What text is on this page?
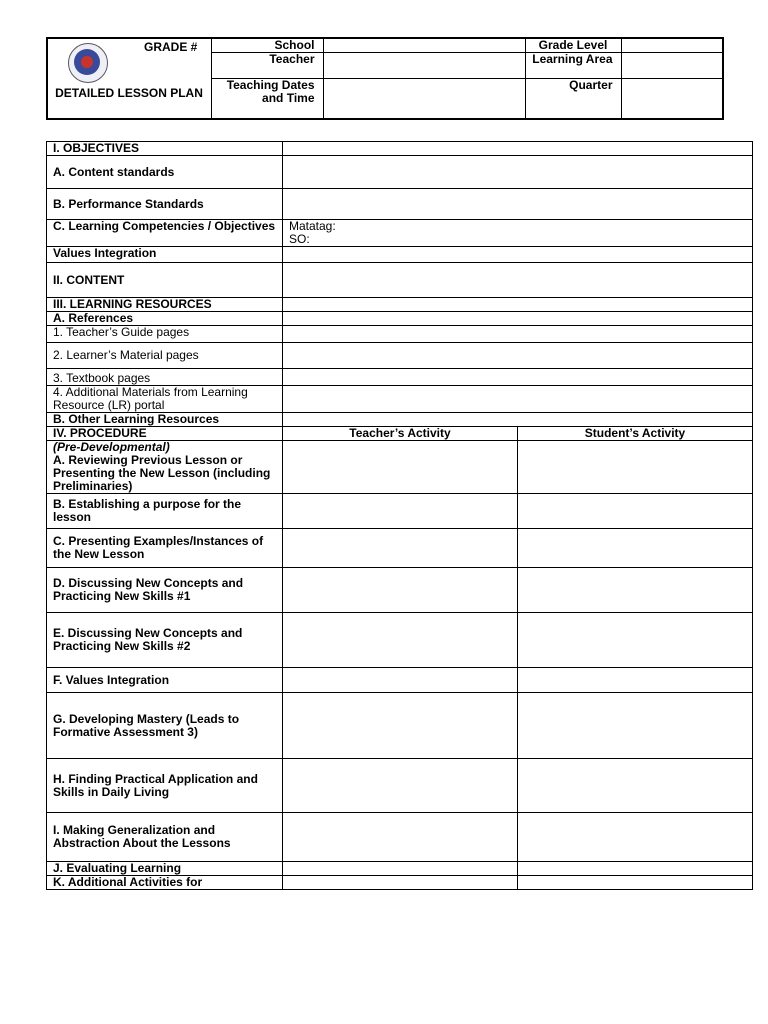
GRADE #
DETAILED LESSON PLAN	School		Grade Level	
	Teacher		Learning Area	
	Teaching Dates and Time		Quarter	
I. OBJECTIVES		
A. Content standards		
B. Performance Standards		
C. Learning Competencies / Objectives	Matatag:
SO:	

Values Integration		
II. CONTENT		
III. LEARNING RESOURCES		
A. References		
1. Teacher’s Guide pages		
2. Learner’s Material pages		
3. Textbook pages		
4. Additional Materials from Learning Resource (LR) portal		
B. Other Learning Resources		
IV. PROCEDURE	Teacher’s Activity	Student’s Activity

(Pre-Developmental)
A. Reviewing Previous Lesson or Presenting the New Lesson (including Preliminaries)		
B. Establishing a purpose for the lesson		
C. Presenting Examples/Instances of the New Lesson		
D. Discussing New Concepts and Practicing New Skills #1		
E. Discussing New Concepts and Practicing New Skills #2		
F. Values Integration		
G. Developing Mastery (Leads to Formative Assessment 3)		
H. Finding Practical Application and Skills in Daily Living		
I. Making Generalization and Abstraction About the Lessons		
J. Evaluating Learning		
K. Additional Activities for		
